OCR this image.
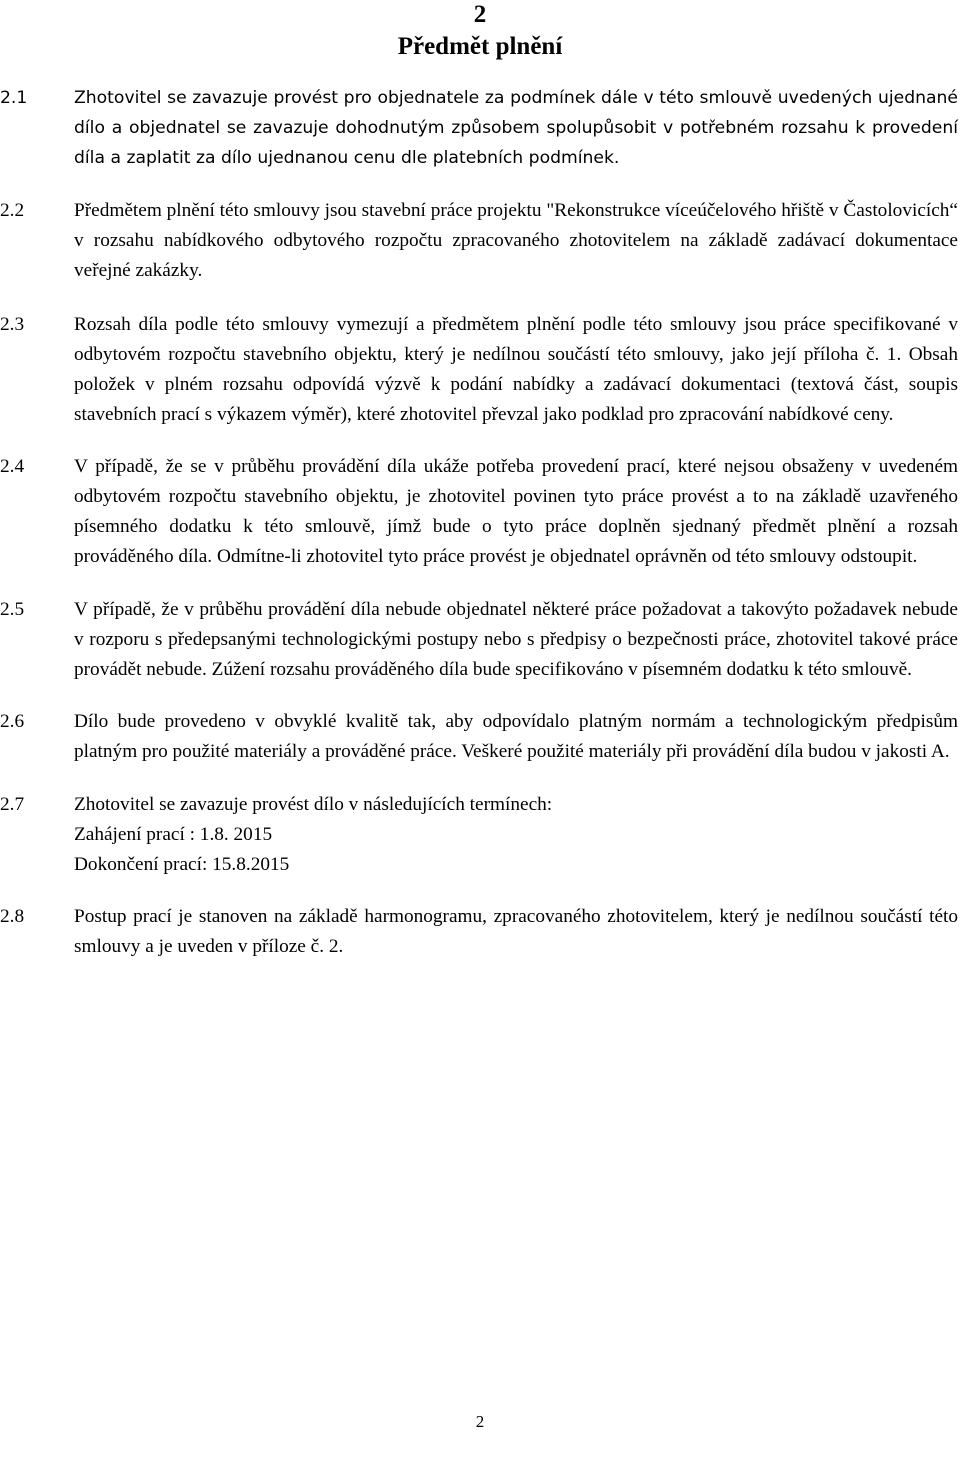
2
Předmět plnění
2.1	Zhotovitel se zavazuje provést pro objednatele za podmínek dále v této smlouvě uvedených ujednané dílo a objednatel se zavazuje dohodnutým způsobem spolupůsobit v potřebném rozsahu k provedení díla a zaplatit za dílo ujednanou cenu dle platebních podmínek.
2.2	Předmětem plnění této smlouvy jsou stavební práce projektu "Rekonstrukce víceúčelového hřiště v Častolovicích“ v rozsahu nabídkového odbytového rozpočtu zpracovaného zhotovitelem na základě zadávací dokumentace veřejné zakázky.
2.3	Rozsah díla podle této smlouvy vymezují a předmětem plnění podle této smlouvy jsou práce specifikované v odbytovém rozpočtu stavebního objektu, který je nedílnou součástí této smlouvy, jako její příloha č. 1. Obsah položek v plném rozsahu odpovídá výzvě k podání nabídky a zadávací dokumentaci (textová část, soupis stavebních prací s výkazem výměr), které zhotovitel převzal jako podklad pro zpracování nabídkové ceny.
2.4	V případě, že se v průběhu provádění díla ukáže potřeba provedení prací, které nejsou obsaženy v uvedeném odbytovém rozpočtu stavebního objektu, je zhotovitel povinen tyto práce provést a to na základě uzavřeného písemného dodatku k této smlouvě, jímž bude o tyto práce doplněn sjednaný předmět plnění a rozsah prováděného díla. Odmítne-li zhotovitel tyto práce provést je objednatel oprávněn od této smlouvy odstoupit.
2.5	V případě, že v průběhu provádění díla nebude objednatel některé práce požadovat a takovýto požadavek nebude v rozporu s předepsanými technologickými postupy nebo s předpisy o bezpečnosti práce, zhotovitel takové práce provádět nebude. Zúžení rozsahu prováděného díla bude specifikováno v písemném dodatku k této smlouvě.
2.6	Dílo bude provedeno v obvyklé kvalitě tak, aby odpovídalo platným normám a technologickým předpisům platným pro použité materiály a prováděné práce. Veškeré použité materiály při provádění díla budou v jakosti A.
2.7	Zhotovitel se zavazuje provést dílo v následujících termínech:
Zahájení prací : 1.8. 2015
Dokončení prací: 15.8.2015
2.8	Postup prací je stanoven na základě harmonogramu, zpracovaného zhotovitelem, který je nedílnou součástí této smlouvy a je uveden v příloze č. 2.
2
